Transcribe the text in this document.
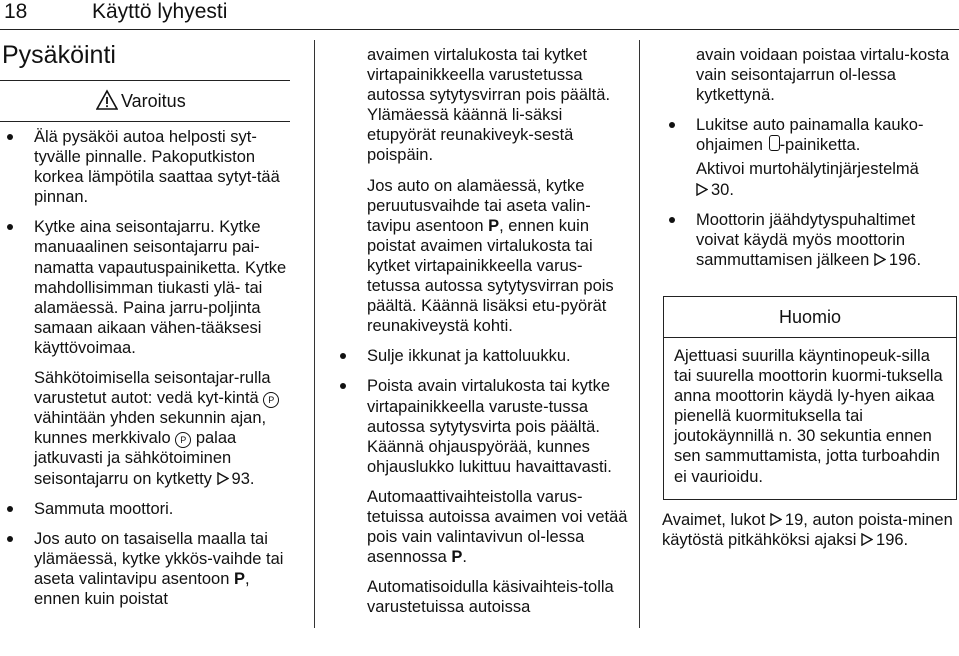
18	Käyttö lyhyesti
Pysäköinti
Varoitus

Älä pysäköi autoa helposti syt-tyvälle pinnalle. Pakoputkiston korkea lämpötila saattaa sytyt-tää pinnan.

Kytke aina seisontajarru. Kytke manuaalinen seisontajarru pai-namatta vapautuspainiketta. Kytke mahdollisimman tiukasti ylä- tai alamäessä. Paina jarru-poljinta samaan aikaan vähen-tääksesi käyttövoimaa.

Sähkötoimisella seisontajar-rulla varustetut autot: vedä kyt-kintä P vähintään yhden sekunnin ajan, kunnes merkkivalo P palaa jatkuvasti ja sähkötoiminen seisontajarru on kytketty 93.

Sammuta moottori.

Jos auto on tasaisella maalla tai ylämäessä, kytke ykkös-vaihde tai aseta valintavipu asentoon P, ennen kuin poistat

avaimen virtalukosta tai kytket virtapainikkeella varustetussa autossa sytytysvirran pois päältä. Ylämäessä käännä li-säksi etupyörät reunakiveyk-sestä poispäin.

Jos auto on alamäessä, kytke peruutusvaihde tai aseta valin-tavipu asentoon P, ennen kuin poistat avaimen virtalukosta tai kytket virtapainikkeella varus-tetussa autossa sytytysvirran pois päältä. Käännä lisäksi etu-pyörät reunakiveystä kohti.

Sulje ikkunat ja kattoluukku.

Poista avain virtalukosta tai kytke virtapainikkeella varuste-tussa autossa sytytysvirta pois päältä. Käännä ohjauspyörää, kunnes ohjauslukko lukittuu havaittavasti.

Automaattivaihteistolla varus-tetuissa autoissa avaimen voi vetää pois vain valintavivun ol-lessa asennossa P.

Automatisoidulla käsivaihteis-tolla varustetuissa autoissa

avain voidaan poistaa virtalu-kosta vain seisontajarrun ol-lessa kytkettynä.

Lukitse auto painamalla kauko-ohjaimen -painiketta.

Aktivoi murtohälytinjärjestelmä
30.

Moottorin jäähdytyspuhaltimet voivat käydä myös moottorin sammuttamisen jälkeen 196.

Huomio
Ajettuasi suurilla käyntinopeuk-silla tai suurella moottorin kuormi-tuksella anna moottorin käydä ly-hyen aikaa pienellä kuormituksella tai joutokäynnillä n. 30 sekuntia ennen sen sammuttamista, jotta turboahdin ei vaurioidu.

Avaimet, lukot 19, auton poista-minen käytöstä pitkähköksi ajaksi 196.
